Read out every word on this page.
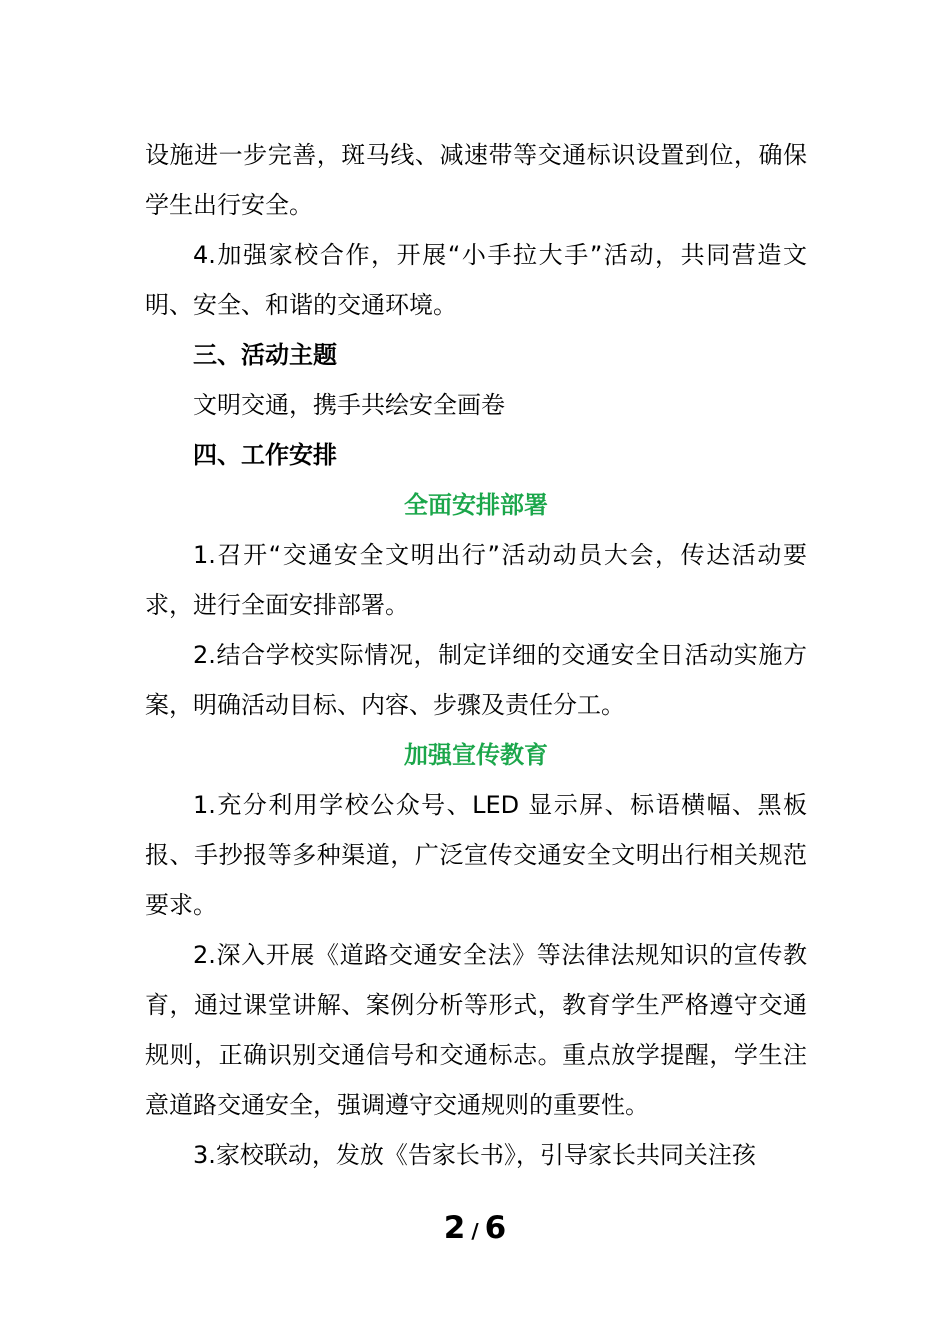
设施进一步完善，斑马线、减速带等交通标识设置到位，确保学生出行安全。

4.加强家校合作，开展“小手拉大手”活动，共同营造文明、安全、和谐的交通环境。

三、活动主题

文明交通，携手共绘安全画卷

四、工作安排

全面安排部署

1.召开“交通安全文明出行”活动动员大会，传达活动要求，进行全面安排部署。

2.结合学校实际情况，制定详细的交通安全日活动实施方案，明确活动目标、内容、步骤及责任分工。

加强宣传教育

1.充分利用学校公众号、LED 显示屏、标语横幅、黑板报、手抄报等多种渠道，广泛宣传交通安全文明出行相关规范要求。

2.深入开展《道路交通安全法》等法律法规知识的宣传教育，通过课堂讲解、案例分析等形式，教育学生严格遵守交通规则，正确识别交通信号和交通标志。重点放学提醒，学生注意道路交通安全，强调遵守交通规则的重要性。

3.家校联动，发放《告家长书》，引导家长共同关注孩

2 / 6
